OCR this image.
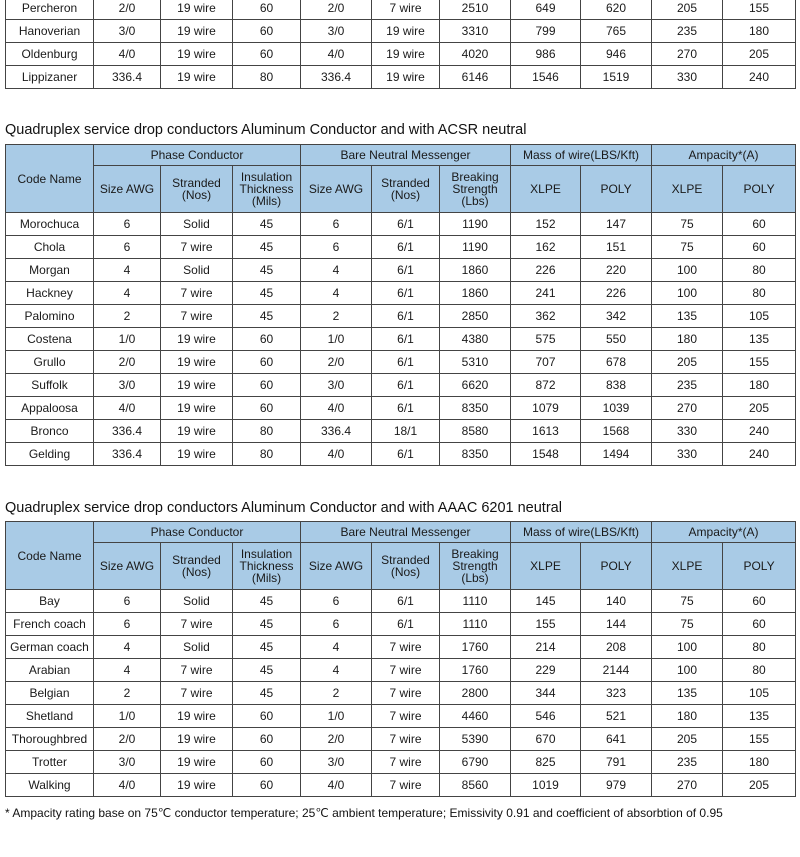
Percheron	2/0	19 wire	60	2/0	7 wire	2510	649	620	205	155
Hanoverian	3/0	19 wire	60	3/0	19 wire	3310	799	765	235	180
Oldenburg	4/0	19 wire	60	4/0	19 wire	4020	986	946	270	205
Lippizaner	336.4	19 wire	80	336.4	19 wire	6146	1546	1519	330	240
Quadruplex service drop conductors Aluminum Conductor and with ACSR neutral
Code Name	Phase Conductor			Bare Neutral Messenger			Mass of wire(LBS/Kft)		Ampacity*(A)	
	Size AWG	Stranded (Nos)	Insulation Thickness (Mils)	Size AWG	Stranded (Nos)	Breaking Strength (Lbs)	XLPE	POLY	XLPE	POLY
Morochuca	6	Solid	45	6	6/1	1190	152	147	75	60
Chola	6	7 wire	45	6	6/1	1190	162	151	75	60
Morgan	4	Solid	45	4	6/1	1860	226	220	100	80
Hackney	4	7 wire	45	4	6/1	1860	241	226	100	80
Palomino	2	7 wire	45	2	6/1	2850	362	342	135	105
Costena	1/0	19 wire	60	1/0	6/1	4380	575	550	180	135
Grullo	2/0	19 wire	60	2/0	6/1	5310	707	678	205	155
Suffolk	3/0	19 wire	60	3/0	6/1	6620	872	838	235	180
Appaloosa	4/0	19 wire	60	4/0	6/1	8350	1079	1039	270	205
Bronco	336.4	19 wire	80	336.4	18/1	8580	1613	1568	330	240
Gelding	336.4	19 wire	80	4/0	6/1	8350	1548	1494	330	240
Quadruplex service drop conductors Aluminum Conductor and with AAAC 6201 neutral
Code Name	Phase Conductor			Bare Neutral Messenger			Mass of wire(LBS/Kft)		Ampacity*(A)	
	Size AWG	Stranded (Nos)	Insulation Thickness (Mils)	Size AWG	Stranded (Nos)	Breaking Strength (Lbs)	XLPE	POLY	XLPE	POLY
Bay	6	Solid	45	6	6/1	1110	145	140	75	60
French coach	6	7 wire	45	6	6/1	1110	155	144	75	60
German coach	4	Solid	45	4	7 wire	1760	214	208	100	80
Arabian	4	7 wire	45	4	7 wire	1760	229	2144	100	80
Belgian	2	7 wire	45	2	7 wire	2800	344	323	135	105
Shetland	1/0	19 wire	60	1/0	7 wire	4460	546	521	180	135
Thoroughbred	2/0	19 wire	60	2/0	7 wire	5390	670	641	205	155
Trotter	3/0	19 wire	60	3/0	7 wire	6790	825	791	235	180
Walking	4/0	19 wire	60	4/0	7 wire	8560	1019	979	270	205
* Ampacity rating base on 75℃ conductor temperature; 25℃ ambient temperature; Emissivity 0.91 and coefficient of absorbtion of 0.95
